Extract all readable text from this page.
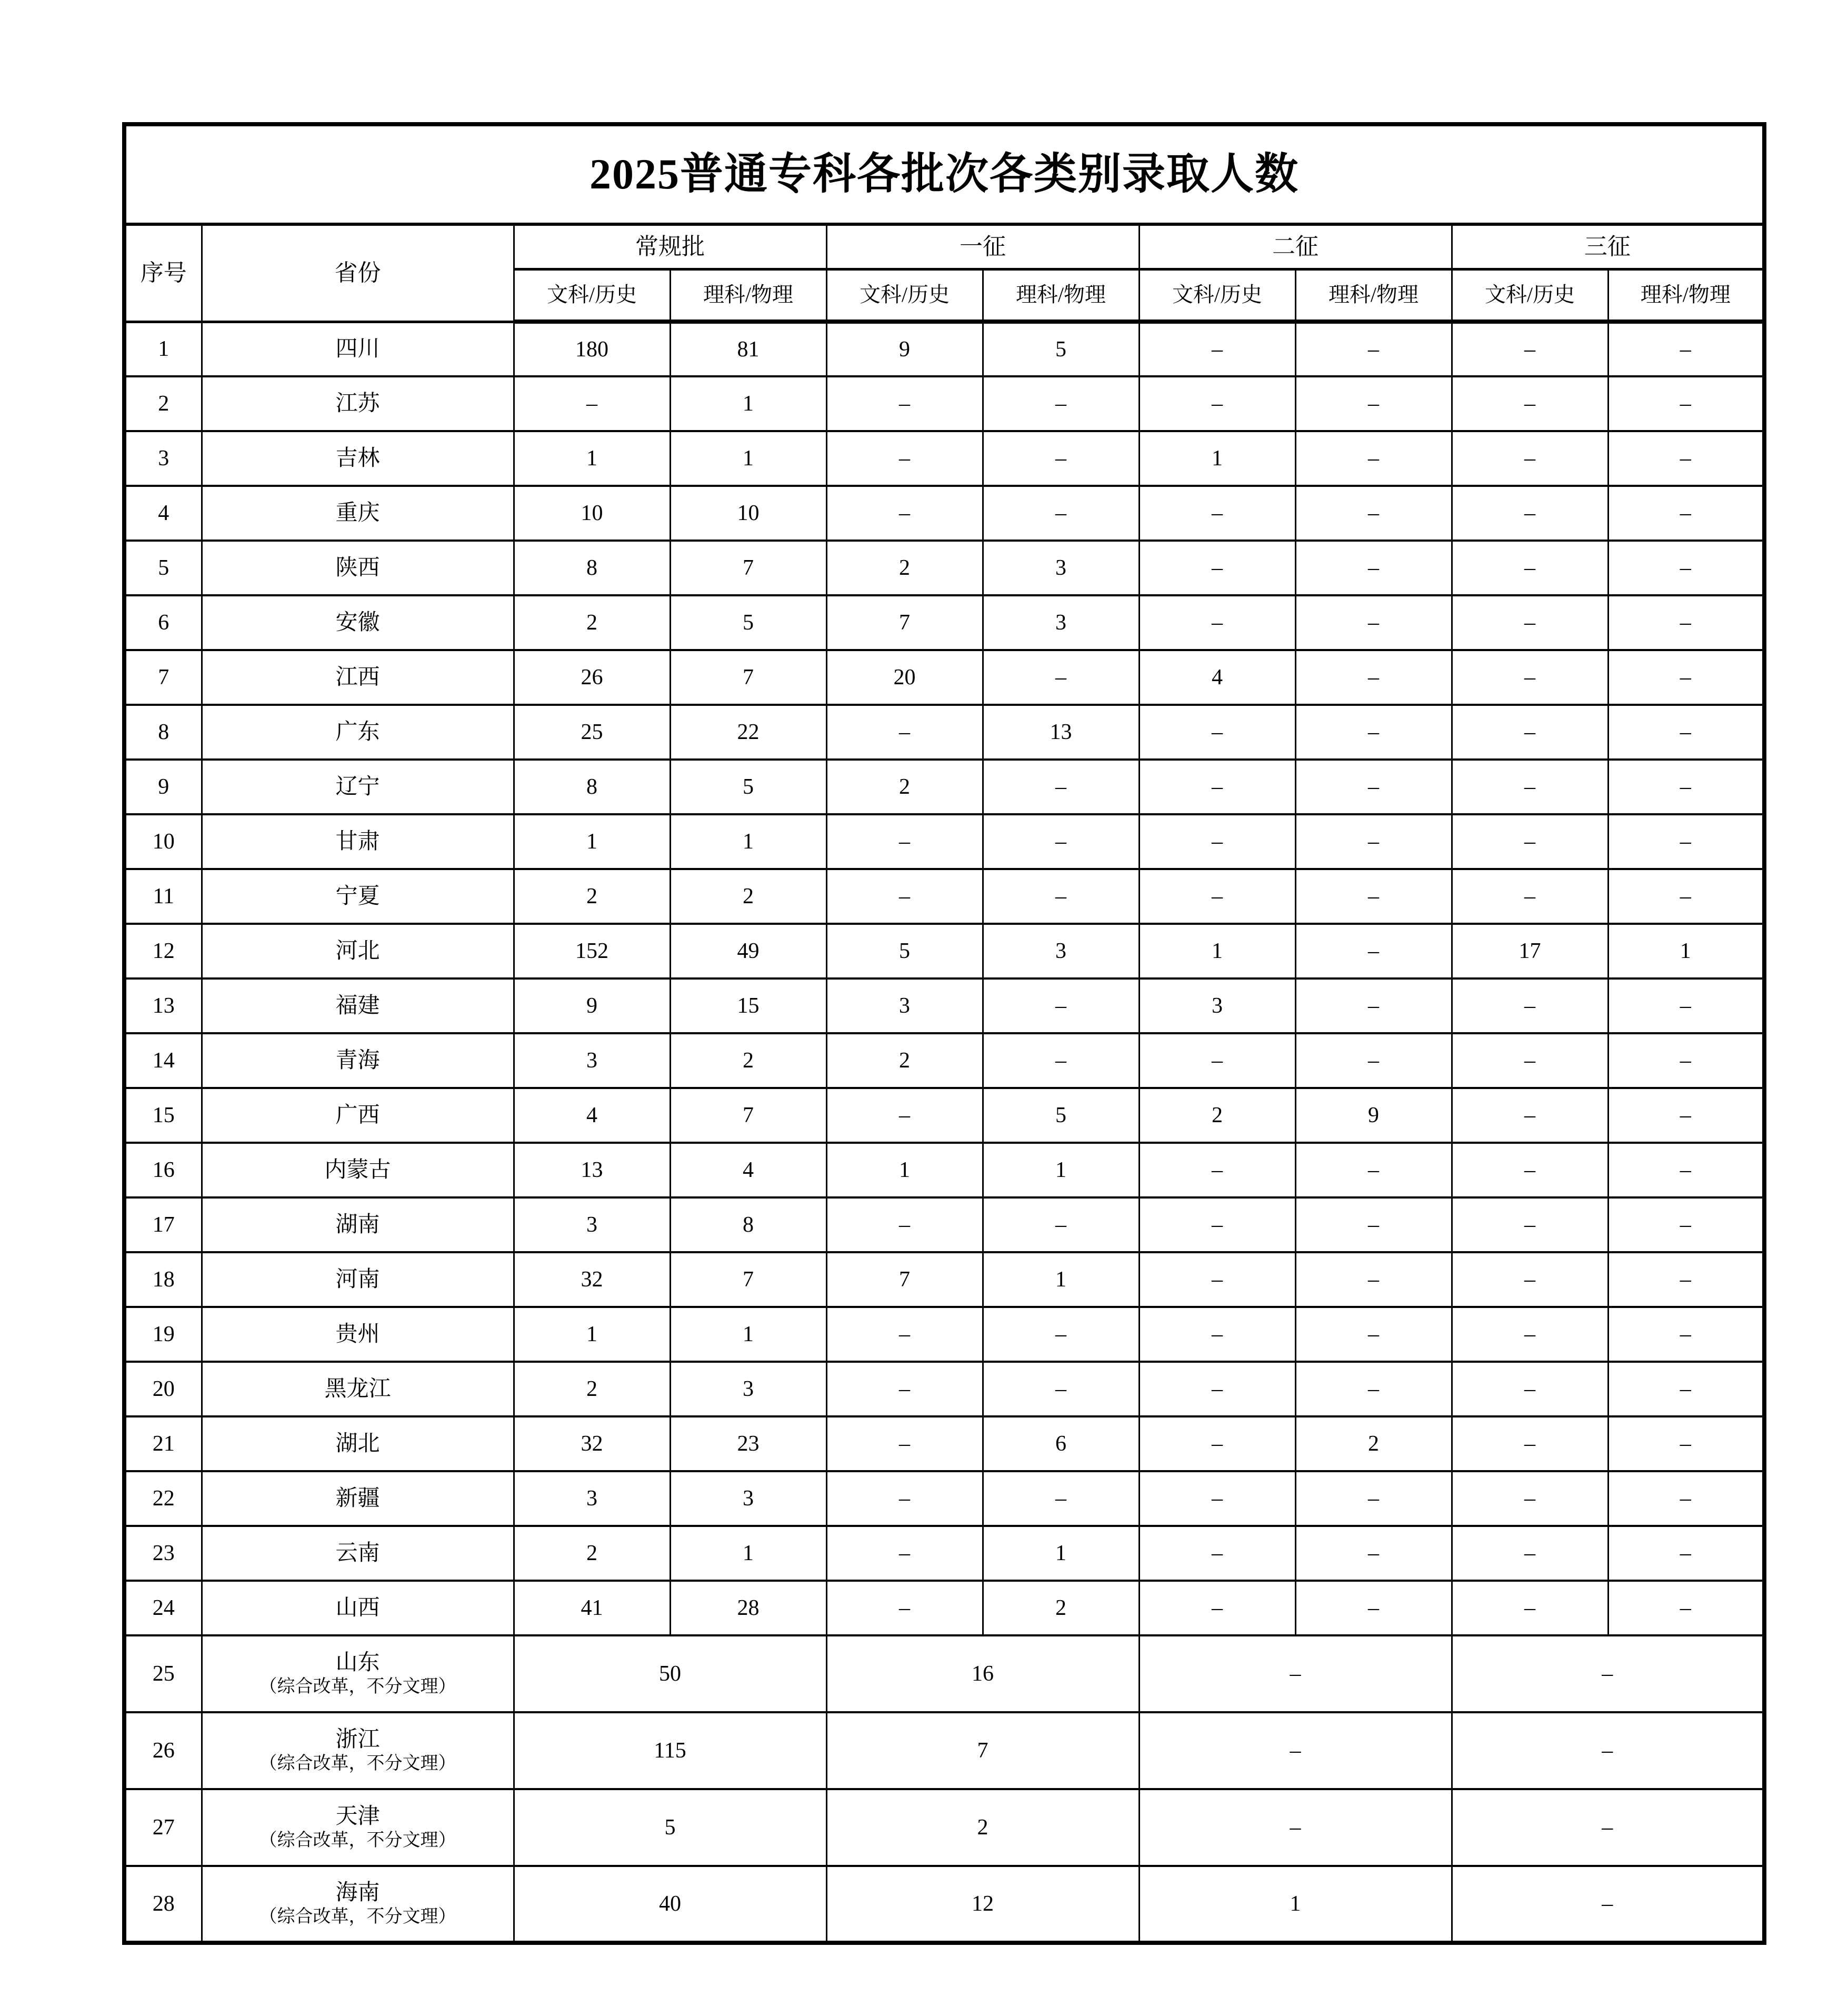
2025普通专科各批次各类别录取人数									
序号	省份	常规批		一征		二征		三征	
		文科/历史	理科/物理	文科/历史	理科/物理	文科/历史	理科/物理	文科/历史	理科/物理
1	四川	180	81	9	5	–	–	–	–
2	江苏	–	1	–	–	–	–	–	–
3	吉林	1	1	–	–	1	–	–	–
4	重庆	10	10	–	–	–	–	–	–
5	陕西	8	7	2	3	–	–	–	–
6	安徽	2	5	7	3	–	–	–	–
7	江西	26	7	20	–	4	–	–	–
8	广东	25	22	–	13	–	–	–	–
9	辽宁	8	5	2	–	–	–	–	–
10	甘肃	1	1	–	–	–	–	–	–
11	宁夏	2	2	–	–	–	–	–	–
12	河北	152	49	5	3	1	–	17	1
13	福建	9	15	3	–	3	–	–	–
14	青海	3	2	2	–	–	–	–	–
15	广西	4	7	–	5	2	9	–	–
16	内蒙古	13	4	1	1	–	–	–	–
17	湖南	3	8	–	–	–	–	–	–
18	河南	32	7	7	1	–	–	–	–
19	贵州	1	1	–	–	–	–	–	–
20	黑龙江	2	3	–	–	–	–	–	–
21	湖北	32	23	–	6	–	2	–	–
22	新疆	3	3	–	–	–	–	–	–
23	云南	2	1	–	1	–	–	–	–
24	山西	41	28	–	2	–	–	–	–
25	山东
（综合改革，不分文理）	50		16		–		–	
26	浙江
（综合改革，不分文理）	115		7		–		–	
27	天津
（综合改革，不分文理）	5		2		–		–	
28	海南
（综合改革，不分文理）	40		12		1		–	
